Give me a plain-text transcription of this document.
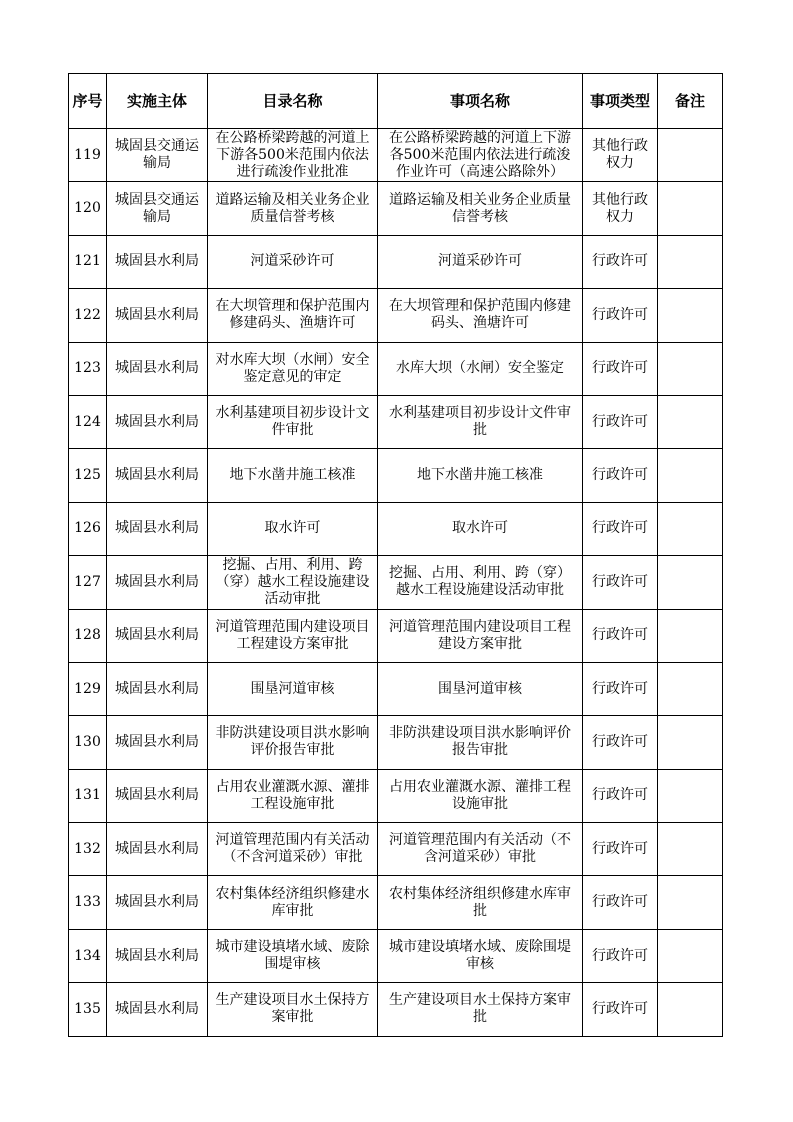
序号	实施主体	目录名称	事项名称	事项类型	备注
119	城固县交通运输局	在公路桥梁跨越的河道上下游各500米范围内依法进行疏浚作业批准	在公路桥梁跨越的河道上下游各500米范围内依法进行疏浚作业许可（高速公路除外）	其他行政权力	
120	城固县交通运输局	道路运输及相关业务企业质量信誉考核	道路运输及相关业务企业质量信誉考核	其他行政权力	
121	城固县水利局	河道采砂许可	河道采砂许可	行政许可	
122	城固县水利局	在大坝管理和保护范围内修建码头、渔塘许可	在大坝管理和保护范围内修建码头、渔塘许可	行政许可	
123	城固县水利局	对水库大坝（水闸）安全鉴定意见的审定	水库大坝（水闸）安全鉴定	行政许可	
124	城固县水利局	水利基建项目初步设计文件审批	水利基建项目初步设计文件审批	行政许可	
125	城固县水利局	地下水凿井施工核准	地下水凿井施工核准	行政许可	
126	城固县水利局	取水许可	取水许可	行政许可	
127	城固县水利局	挖掘、占用、利用、跨（穿）越水工程设施建设活动审批	挖掘、占用、利用、跨（穿）越水工程设施建设活动审批	行政许可	
128	城固县水利局	河道管理范围内建设项目工程建设方案审批	河道管理范围内建设项目工程建设方案审批	行政许可	
129	城固县水利局	围垦河道审核	围垦河道审核	行政许可	
130	城固县水利局	非防洪建设项目洪水影响评价报告审批	非防洪建设项目洪水影响评价报告审批	行政许可	
131	城固县水利局	占用农业灌溉水源、灌排工程设施审批	占用农业灌溉水源、灌排工程设施审批	行政许可	
132	城固县水利局	河道管理范围内有关活动（不含河道采砂）审批	河道管理范围内有关活动（不含河道采砂）审批	行政许可	
133	城固县水利局	农村集体经济组织修建水库审批	农村集体经济组织修建水库审批	行政许可	
134	城固县水利局	城市建设填堵水域、废除围堤审核	城市建设填堵水域、废除围堤审核	行政许可	
135	城固县水利局	生产建设项目水土保持方案审批	生产建设项目水土保持方案审批	行政许可	
